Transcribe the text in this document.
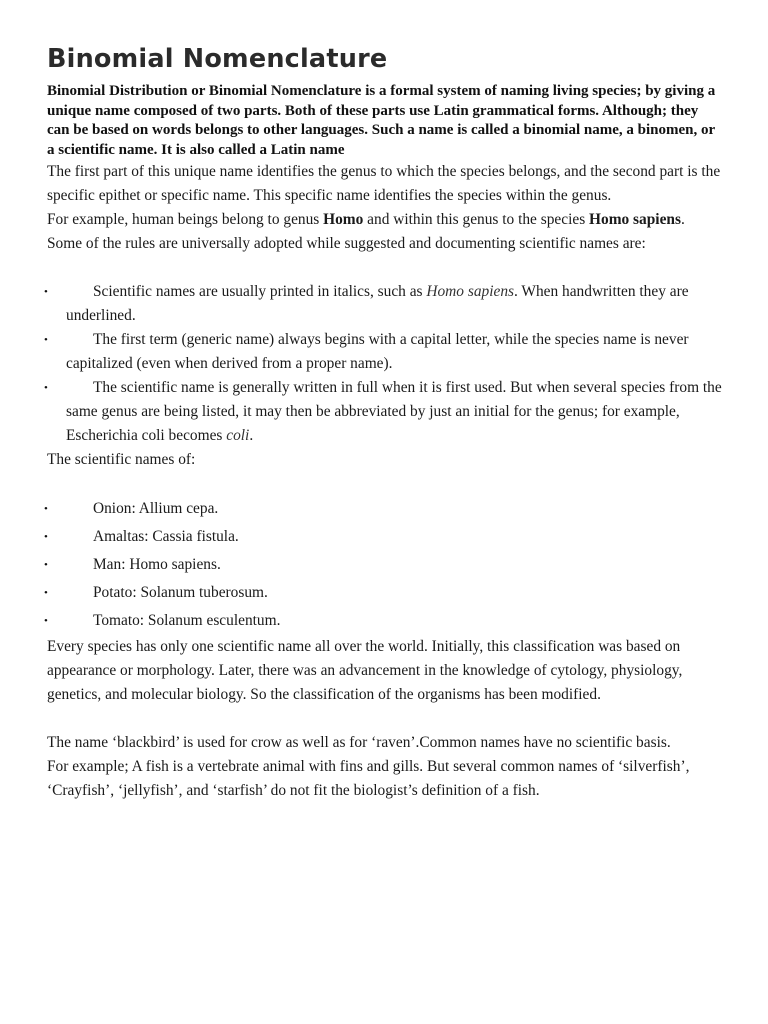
Binomial Nomenclature

Binomial Distribution or Binomial Nomenclature is a formal system of naming living species; by giving a unique name composed of two parts. Both of these parts use Latin grammatical forms. Although; they can be based on words belongs to other languages. Such a name is called a binomial name, a binomen, or a scientific name. It is also called a Latin name

The first part of this unique name identifies the genus to which the species belongs, and the second part is the specific epithet or specific name. This specific name identifies the species within the genus.

For example, human beings belong to genus Homo and within this genus to the species Homo sapiens.

Some of the rules are universally adopted while suggested and documenting scientific names are:

•	Scientific names are usually printed in italics, such as Homo sapiens. When handwritten they are underlined.
•	The first term (generic name) always begins with a capital letter, while the species name is never capitalized (even when derived from a proper name).
•	The scientific name is generally written in full when it is first used. But when several species from the same genus are being listed, it may then be abbreviated by just an initial for the genus; for example, Escherichia coli becomes coli.

The scientific names of:

•	Onion: Allium cepa.
•	Amaltas: Cassia fistula.
•	Man: Homo sapiens.
•	Potato: Solanum tuberosum.
•	Tomato: Solanum esculentum.

Every species has only one scientific name all over the world. Initially, this classification was based on appearance or morphology. Later, there was an advancement in the knowledge of cytology, physiology, genetics, and molecular biology. So the classification of the organisms has been modified.

The name ‘blackbird’ is used for crow as well as for ‘raven’.Common names have no scientific basis.

For example; A fish is a vertebrate animal with fins and gills. But several common names of ‘silverfish’, ‘Crayfish’, ‘jellyfish’, and ‘starfish’ do not fit the biologist’s definition of a fish.
